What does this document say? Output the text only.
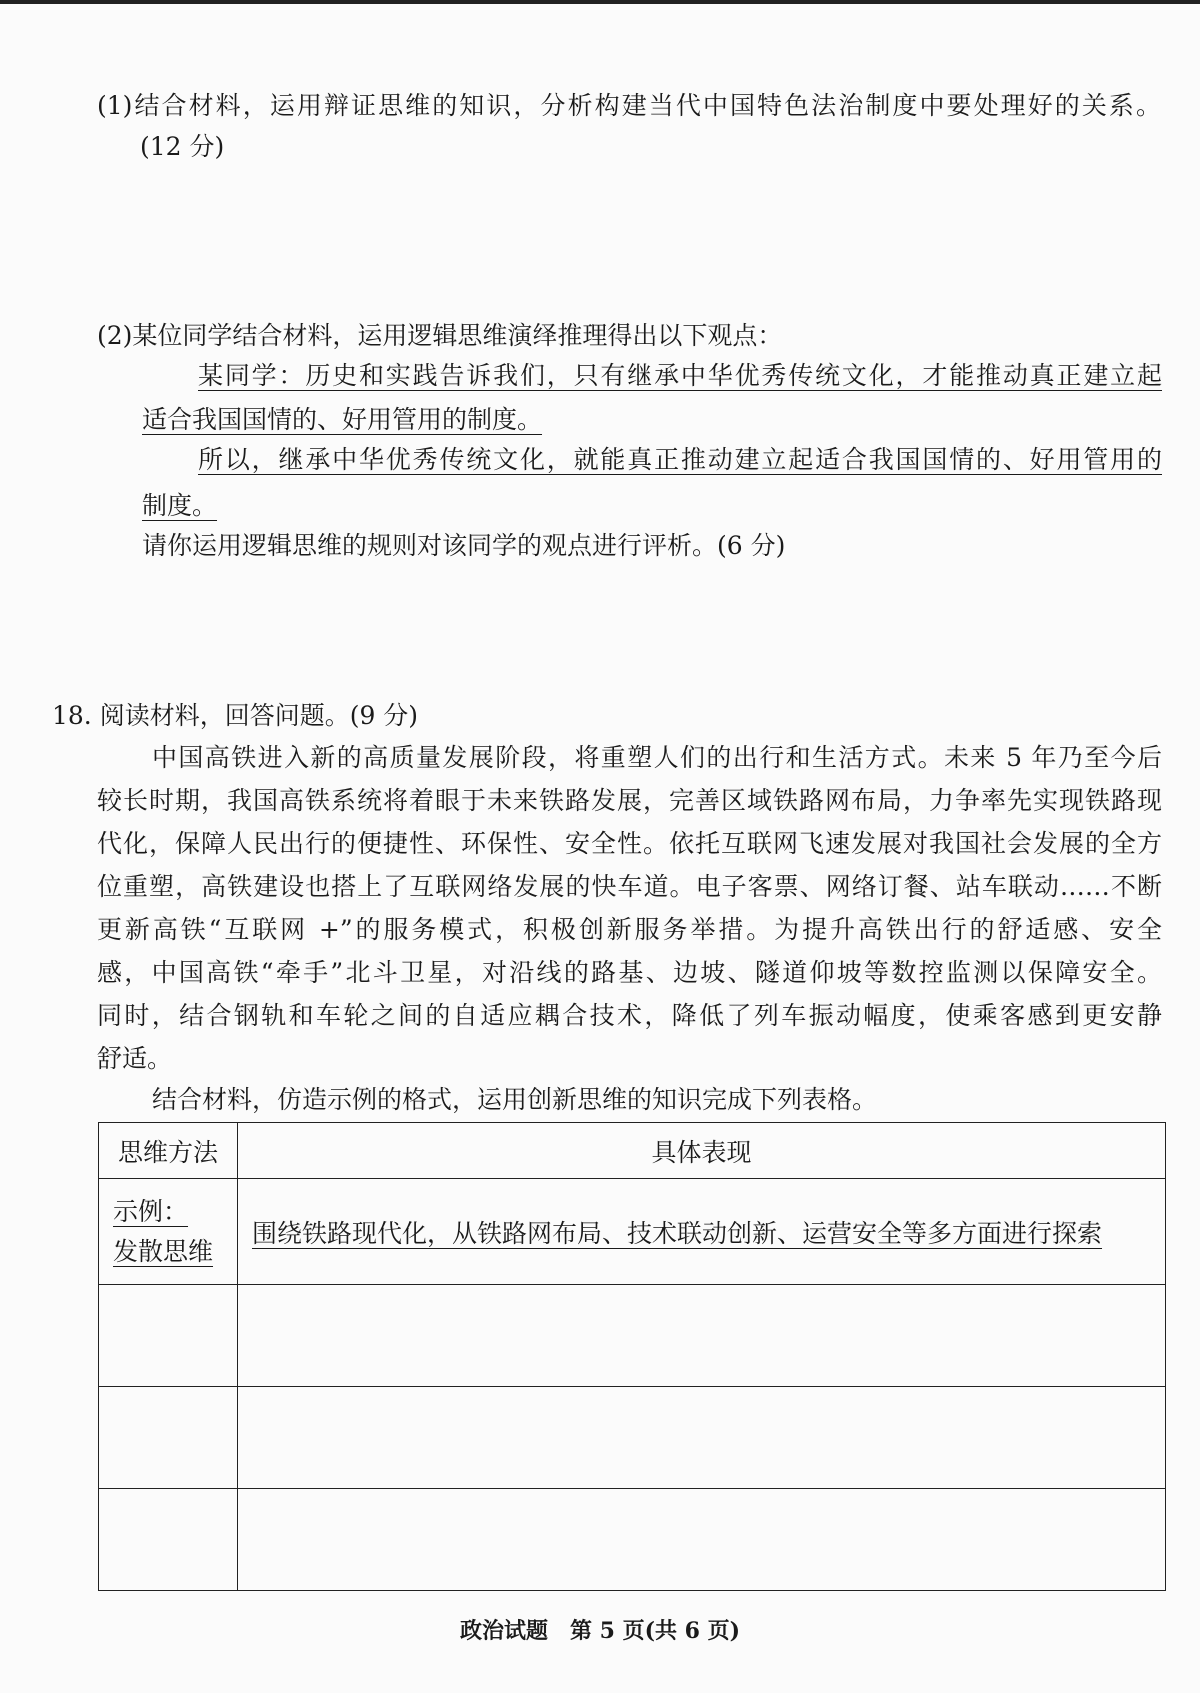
(1)结合材料，运用辩证思维的知识，分析构建当代中国特色法治制度中要处理好的关系。
(12 分)
(2)某位同学结合材料，运用逻辑思维演绎推理得出以下观点：
某同学：历史和实践告诉我们，只有继承中华优秀传统文化，才能推动真正建立起
适合我国国情的、好用管用的制度。
所以，继承中华优秀传统文化，就能真正推动建立起适合我国国情的、好用管用的
制度。
请你运用逻辑思维的规则对该同学的观点进行评析。(6 分)
18. 阅读材料，回答问题。(9 分)
中国高铁进入新的高质量发展阶段，将重塑人们的出行和生活方式。未来 5 年乃至今后
较长时期，我国高铁系统将着眼于未来铁路发展，完善区域铁路网布局，力争率先实现铁路现
代化，保障人民出行的便捷性、环保性、安全性。依托互联网飞速发展对我国社会发展的全方
位重塑，高铁建设也搭上了互联网络发展的快车道。电子客票、网络订餐、站车联动……不断
更新高铁“互联网 +”的服务模式，积极创新服务举措。为提升高铁出行的舒适感、安全
感，中国高铁“牵手”北斗卫星，对沿线的路基、边坡、隧道仰坡等数控监测以保障安全。
同时，结合钢轨和车轮之间的自适应耦合技术，降低了列车振动幅度，使乘客感到更安静
舒适。
结合材料，仿造示例的格式，运用创新思维的知识完成下列表格。
思维方法	具体表现

示例：
发散思维	围绕铁路现代化，从铁路网布局、技术联动创新、运营安全等多方面进行探索

政治试题　第 5 页(共 6 页)
